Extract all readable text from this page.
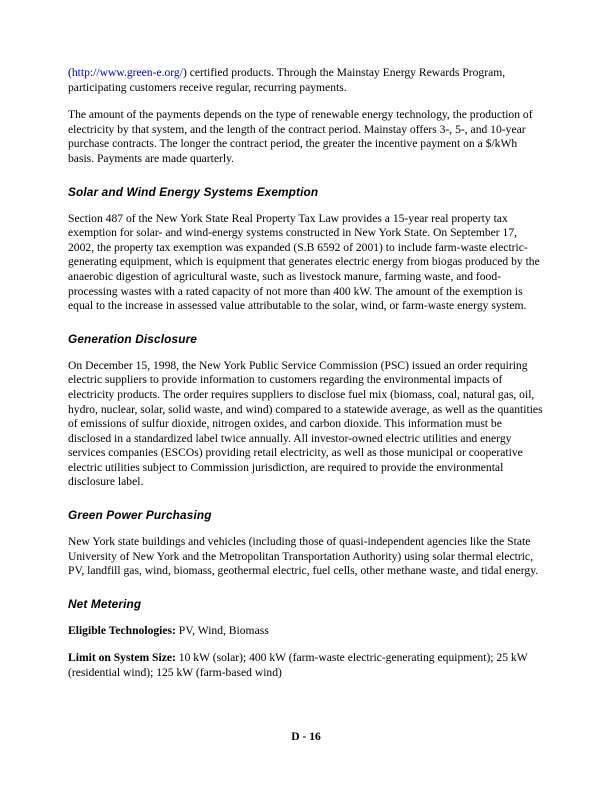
(http://www.green-e.org/) certified products. Through the Mainstay Energy Rewards Program, participating customers receive regular, recurring payments.

The amount of the payments depends on the type of renewable energy technology, the production of electricity by that system, and the length of the contract period. Mainstay offers 3-, 5-, and 10-year purchase contracts. The longer the contract period, the greater the incentive payment on a $/kWh basis. Payments are made quarterly.

Solar and Wind Energy Systems Exemption

Section 487 of the New York State Real Property Tax Law provides a 15-year real property tax exemption for solar- and wind-energy systems constructed in New York State. On September 17, 2002, the property tax exemption was expanded (S.B 6592 of 2001) to include farm-waste electric-generating equipment, which is equipment that generates electric energy from biogas produced by the anaerobic digestion of agricultural waste, such as livestock manure, farming waste, and food-processing wastes with a rated capacity of not more than 400 kW. The amount of the exemption is equal to the increase in assessed value attributable to the solar, wind, or farm-waste energy system.

Generation Disclosure

On December 15, 1998, the New York Public Service Commission (PSC) issued an order requiring electric suppliers to provide information to customers regarding the environmental impacts of electricity products. The order requires suppliers to disclose fuel mix (biomass, coal, natural gas, oil, hydro, nuclear, solar, solid waste, and wind) compared to a statewide average, as well as the quantities of emissions of sulfur dioxide, nitrogen oxides, and carbon dioxide. This information must be disclosed in a standardized label twice annually. All investor-owned electric utilities and energy services companies (ESCOs) providing retail electricity, as well as those municipal or cooperative electric utilities subject to Commission jurisdiction, are required to provide the environmental disclosure label.

Green Power Purchasing

New York state buildings and vehicles (including those of quasi-independent agencies like the State University of New York and the Metropolitan Transportation Authority) using solar thermal electric, PV, landfill gas, wind, biomass, geothermal electric, fuel cells, other methane waste, and tidal energy.

Net Metering

Eligible Technologies: PV, Wind, Biomass

Limit on System Size: 10 kW (solar); 400 kW (farm-waste electric-generating equipment); 25 kW (residential wind); 125 kW (farm-based wind)

D - 16
